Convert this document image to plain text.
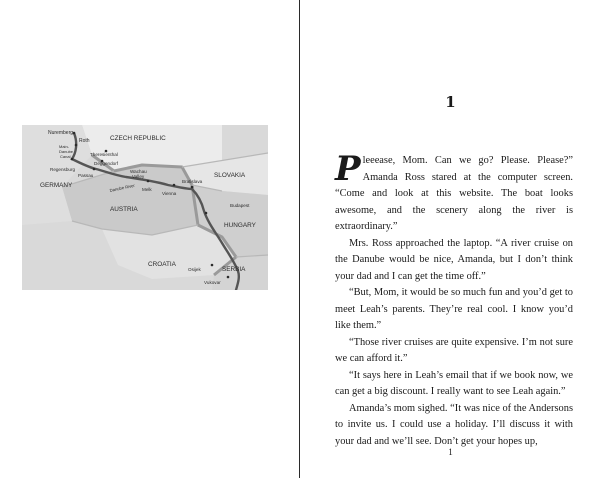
Nuremberg
Roth
Main-
Danube
Canal
CZECH REPUBLIC
Theresienthal
Deggendorf
Regensburg
Passau
Wachau
Valley
GERMANY	Danube River Melk
Vienna
Bratislava
SLOVAKIA
AUSTRIA
Budapest
HUNGARY
CROATIA
Osijek	SERBIA
Vukovar
1

Pleeease, Mom. Can we go? Please. Please?” Amanda Ross stared at the computer screen. “Come and look at this website. The boat looks awesome, and the scenery along the river is extraordinary.”

Mrs. Ross approached the laptop. “A river cruise on the Danube would be nice, Amanda, but I don’t think your dad and I can get the time off.”

“But, Mom, it would be so much fun and you’d get to meet Leah’s parents. They’re real cool. I know you’d like them.”

“Those river cruises are quite expensive. I’m not sure we can afford it.”

“It says here in Leah’s email that if we book now, we can get a big discount. I really want to see Leah again.”

Amanda’s mom sighed. “It was nice of the Andersons to invite us. I could use a holiday. I’ll discuss it with your dad and we’ll see. Don’t get your hopes up,

1
